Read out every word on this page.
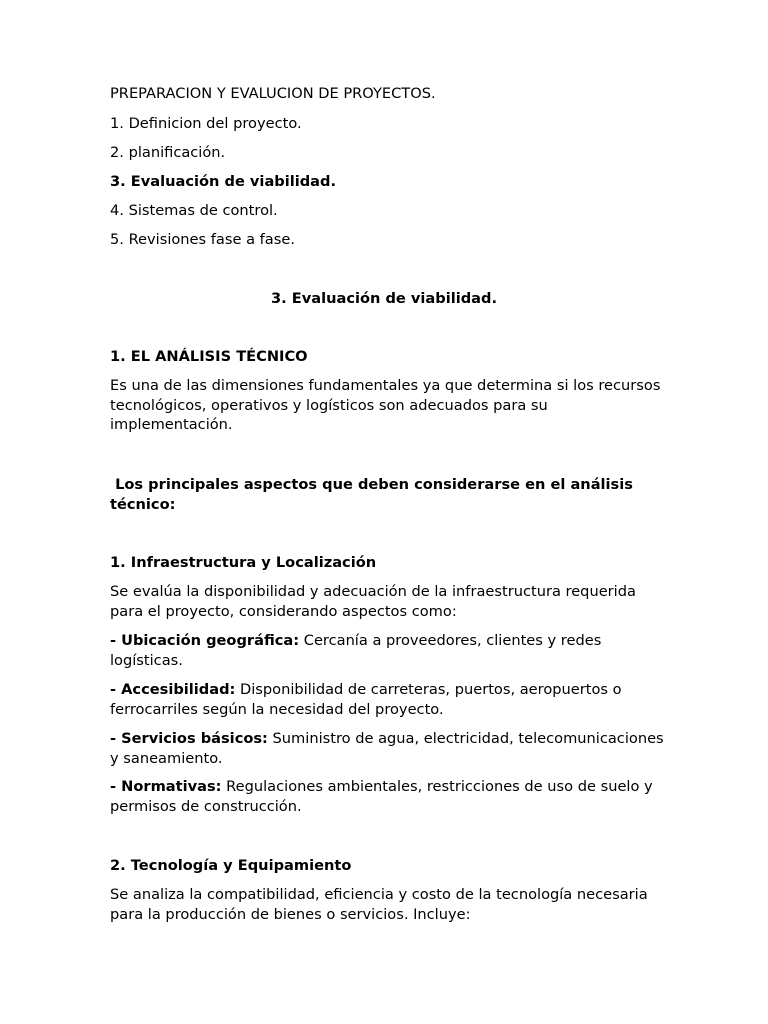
PREPARACION Y EVALUCION DE PROYECTOS.
1. Definicion del proyecto.
2. planificación.
3. Evaluación de viabilidad.
4. Sistemas de control.
5. Revisiones fase a fase.
3. Evaluación de viabilidad.
1. EL ANÁLISIS TÉCNICO
Es una de las dimensiones fundamentales ya que determina si los recursos tecnológicos, operativos y logísticos son adecuados para su implementación.
Los principales aspectos que deben considerarse en el análisis técnico:
1. Infraestructura y Localización
Se evalúa la disponibilidad y adecuación de la infraestructura requerida para el proyecto, considerando aspectos como:
- Ubicación geográfica: Cercanía a proveedores, clientes y redes logísticas.
- Accesibilidad: Disponibilidad de carreteras, puertos, aeropuertos o ferrocarriles según la necesidad del proyecto.
- Servicios básicos: Suministro de agua, electricidad, telecomunicaciones y saneamiento.
- Normativas: Regulaciones ambientales, restricciones de uso de suelo y permisos de construcción.
2. Tecnología y Equipamiento
Se analiza la compatibilidad, eficiencia y costo de la tecnología necesaria para la producción de bienes o servicios. Incluye:
